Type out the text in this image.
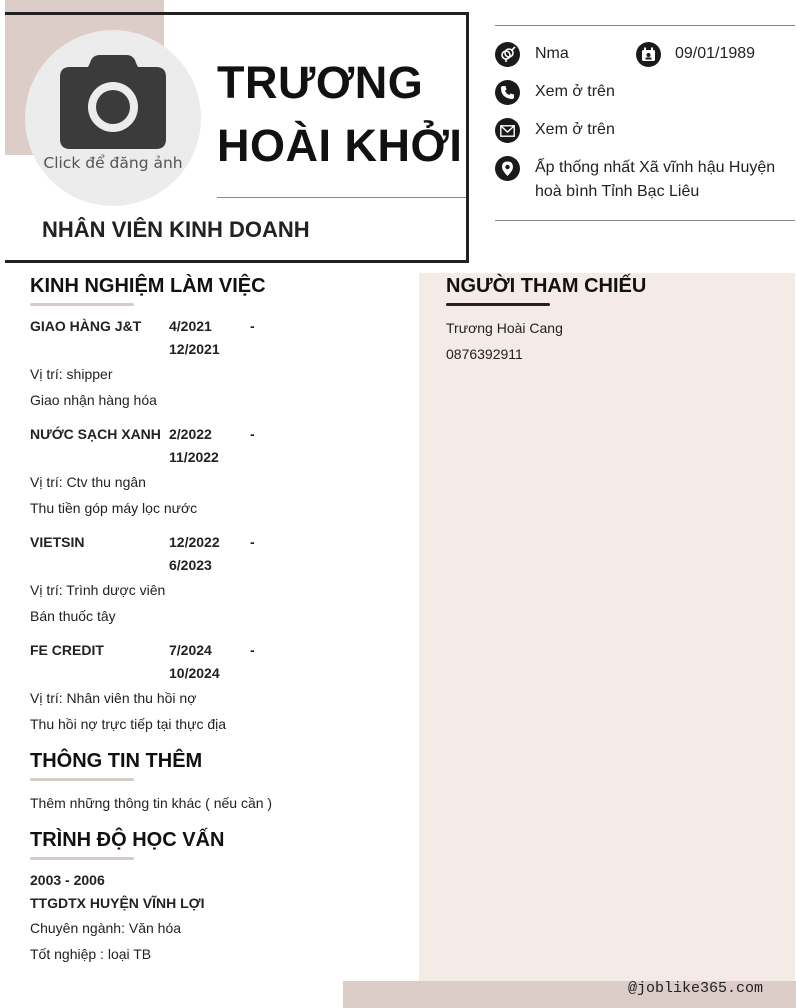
Click để đăng ảnh
TRƯƠNG
HOÀI KHỞI
NHÂN VIÊN KINH DOANH
Nma	09/01/1989
Xem ở trên
Xem ở trên
Ấp thống nhất Xã vĩnh hậu Huyện
hoà bình Tỉnh Bạc Liêu
KINH NGHIỆM LÀM VIỆC
GIAO HÀNG J&T 4/2021	-
12/2021
Vị trí: shipper
Giao nhận hàng hóa
NƯỚC SẠCH XANH 2/2022	-
11/2022
Vị trí: Ctv thu ngân
Thu tiền góp máy lọc nước
VIETSIN	12/2022 -
6/2023
Vị trí: Trình dược viên
Bán thuốc tây
FE CREDIT	7/2024	-
10/2024
Vị trí: Nhân viên thu hồi nợ
Thu hồi nợ trực tiếp tại thực địa
THÔNG TIN THÊM
Thêm những thông tin khác ( nếu cần )
TRÌNH ĐỘ HỌC VẤN
2003 - 2006
TTGDTX HUYỆN VĨNH LỢI
Chuyên ngành: Văn hóa
Tốt nghiệp : loại TB
NGƯỜI THAM CHIẾU
Trương Hoài Cang
0876392911
@joblike365.com
